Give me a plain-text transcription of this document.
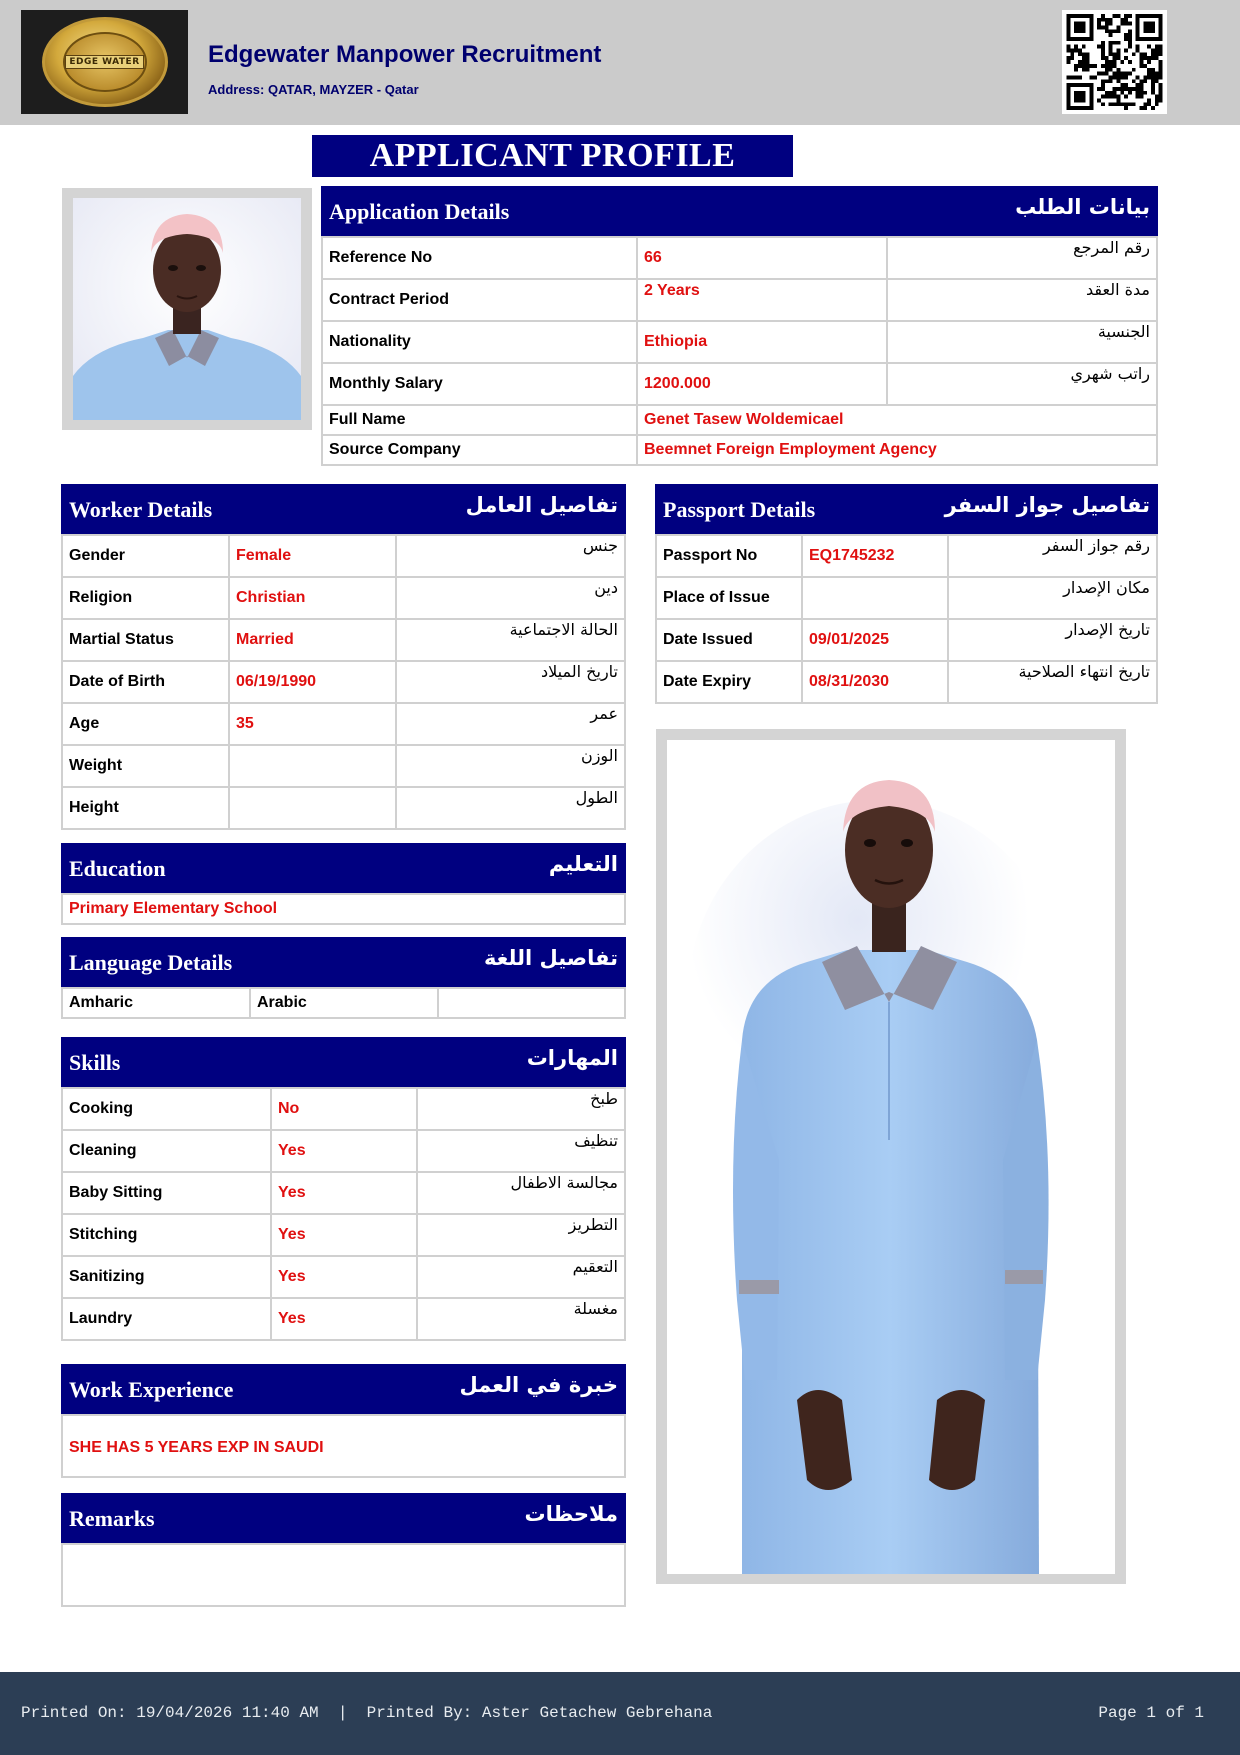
EDGE WATER	Edgewater Manpower Recruitment
Address: QATAR, MAYZER - Qatar
APPLICANT PROFILE
Application Details	بيانات الطلب
Reference No	66	رقم المرجع
Contract Period	2 Years	مدة العقد
Nationality	Ethiopia	الجنسية
Monthly Salary	1200.000	راتب شهري
Full Name	Genet Tasew Woldemicael	
Source Company	Beemnet Foreign Employment Agency	
Worker Details	تفاصيل العامل
Gender	Female	جنس
Religion	Christian	دين
Martial Status	Married	الحالة الاجتماعية
Date of Birth	06/19/1990	تاريخ الميلاد
Age	35	عمر
Weight		الوزن
Height		الطول
Passport Details	تفاصيل جواز السفر
Passport No	EQ1745232	رقم جواز السفر
Place of Issue		مكان الإصدار
Date Issued	09/01/2025	تاريخ الإصدار
Date Expiry	08/31/2030	تاريخ انتهاء الصلاحية
Education	التعليم
Primary Elementary School
Language Details	تفاصيل اللغة
Amharic	Arabic	
Skills	المهارات
Cooking	No	طبخ
Cleaning	Yes	تنظيف
Baby Sitting	Yes	مجالسة الاطفال
Stitching	Yes	التطريز
Sanitizing	Yes	التعقيم
Laundry	Yes	مغسلة
Work Experience	خبرة في العمل
SHE HAS 5 YEARS EXP IN SAUDI
Remarks	ملاحظات
Printed On: 19/04/2026 11:40 AM  |  Printed By: Aster Getachew Gebrehana	Page 1 of 1
